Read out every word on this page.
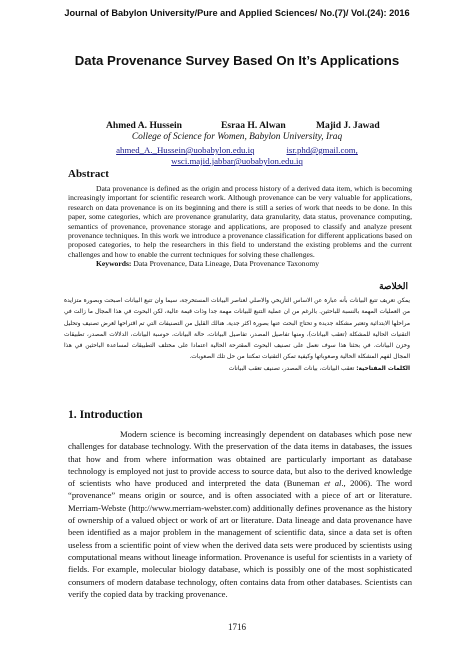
Journal of Babylon University/Pure and Applied Sciences/ No.(7)/ Vol.(24): 2016
Data Provenance Survey Based On It’s Applications
Ahmed A. Hussein	Esraa H. Alwan	Majid J. Jawad
College of Science for Women, Babylon University, Iraq
ahmed_A._Hussein@uobabylon.edu.iq	isr.phd@gmail.com,
wsci.majid.jabbar@uobabylon.edu.iq
Abstract

Data provenance is defined as the origin and process history of a derived data item, which is becoming increasingly important for scientific research work. Although provenance can be very valuable for applications, research on data provenance is on its beginning and there is still a series of work that needs to be done. In this paper, some categories, which are provenance granularity, data granularity, data status, provenance computing, semantics of provenance, provenance storage and applications, are proposed to classify and analyze present provenance techniques. In this work we introduce a provenance classification for different applications based on proposed categories, to help the researchers in this field to understand the existing problems and the current challenges and how to enable the current techniques for solving these challenges.

Keywords: Data Provenance, Data Lineage, Data Provenance Taxonomy

الخلاصة

يمكن تعريف تتبع البيانات بأنه عبارة عن الاساس التاريخي والاصلي لعناصر البيانات المستخرجة، سيما وان تتبع البيانات اصبحت وبصورة متزايدة من العمليات المهمة بالنسبة للباحثين. بالرغم من ان عملية التتبع للبيانات مهمة جدا وذات قيمة عالية، لكن البحوث في هذا المجال ما زالت في مراحلها الابتدائية وتعتبر مشكلة جديدة و تحتاج البحث عنها بصورة اكثر جدية. هنالك القليل من التصنيفات التي تم اقتراحها لغرض تصنيف وتحليل التقنيات الحالية للمشكلة (تعقب البيانات)، ومنها تفاصيل المصدر، تفاصيل البيانات، حالة البيانات، حوسبة البيانات، الدلالات المصدر، تطبيقات وخزن البيانات. في بحثنا هذا سوف نعمل على تصنيف البحوث المقترحة الحالية اعتمادا على مختلف التطبيقات لمساعدة الباحثين في هذا المجال لفهم المشكلة الحالية وصعوباتها وكيفية تمكن التقنيات تمكننا من حل تلك الصعوبات.

الكلمات المفتاحية: تعقب البيانات، بيانات المصدر، تصنيف تعقب البيانات

1. Introduction

Modern science is becoming increasingly dependent on databases which pose new challenges for database technology. With the preservation of the data items in databases, the issues that how and from where information was obtained are particularly important as database technology is employed not just to provide access to source data, but also to the derived knowledge of scientists who have produced and interpreted the data (Buneman et al., 2006). The word “provenance” means origin or source, and is often associated with a piece of art or literature. Merriam-Webste (http://www.merriam-webster.com) additionally defines provenance as the history of ownership of a valued object or work of art or literature. Data lineage and data provenance have been identified as a major problem in the management of scientific data, since a data set is often useless from a scientific point of view when the derived data sets were produced by scientists using computational means without lineage information. Provenance is useful for scientists in a variety of fields. For example, molecular biology database, which is possibly one of the most sophisticated consumers of modern database technology, often contains data from other databases. Scientists can verify the copied data by tracking provenance.

1716
